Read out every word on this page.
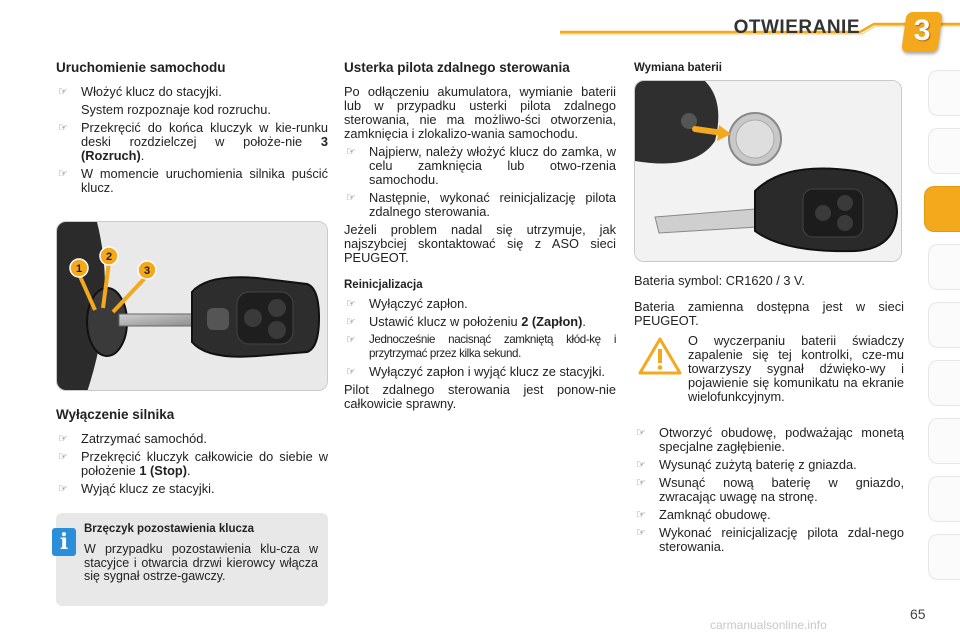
OTWIERANIE	3
Uruchomienie samochodu
☞ Włożyć klucz do stacyjki.

System rozpoznaje kod rozruchu.

☞ Przekręcić do końca kluczyk w kie-runku deski rozdzielczej w położe-nie 3 (Rozruch).
☞ W momencie uruchomienia silnika puścić klucz.
1
2
3
Wyłączenie silnika
☞ Zatrzymać samochód.
☞ Przekręcić kluczyk całkowicie do siebie w położenie 1 (Stop).
☞ Wyjąć klucz ze stacyjki.
Brzęczyk pozostawienia klucza

W przypadku pozostawienia klu-cza w stacyjce i otwarcia drzwi kierowcy włącza się sygnał ostrze-gawczy.

i
Usterka pilota zdalnego sterowania

Po odłączeniu akumulatora, wymianie baterii lub w przypadku usterki pilota zdalnego sterowania, nie ma możliwo-ści otworzenia, zamknięcia i zlokalizo-wania samochodu.

☞ Najpierw, należy włożyć klucz do zamka, w celu zamknięcia lub otwo-rzenia samochodu.
☞ Następnie, wykonać reinicjalizację pilota zdalnego sterowania.

Jeżeli problem nadal się utrzymuje, jak najszybciej skontaktować się z ASO sieci PEUGEOT.

Reinicjalizacja
☞ Wyłączyć zapłon.
☞ Ustawić klucz w położeniu 2 (Zapłon).
☞ Jednocześnie nacisnąć zamkniętą kłód-kę i przytrzymać przez kilka sekund.
☞ Wyłączyć zapłon i wyjąć klucz ze stacyjki.

Pilot zdalnego sterowania jest ponow-nie całkowicie sprawny.

Wymiana baterii

Bateria symbol: CR1620 / 3 V.

Bateria zamienna dostępna jest w sieci PEUGEOT.

O wyczerpaniu baterii świadczy zapalenie się tej kontrolki, cze-mu towarzyszy sygnał dźwięko-wy i pojawienie się komunikatu na ekranie wielofunkcyjnym.

☞ Otworzyć obudowę, podważając monetą specjalne zagłębienie.
☞ Wysunąć zużytą baterię z gniazda.
☞ Wsunąć nową baterię w gniazdo, zwracając uwagę na stronę.
☞ Zamknąć obudowę.
☞ Wykonać reinicjalizację pilota zdal-nego sterowania.
65
carmanualsonline.info
